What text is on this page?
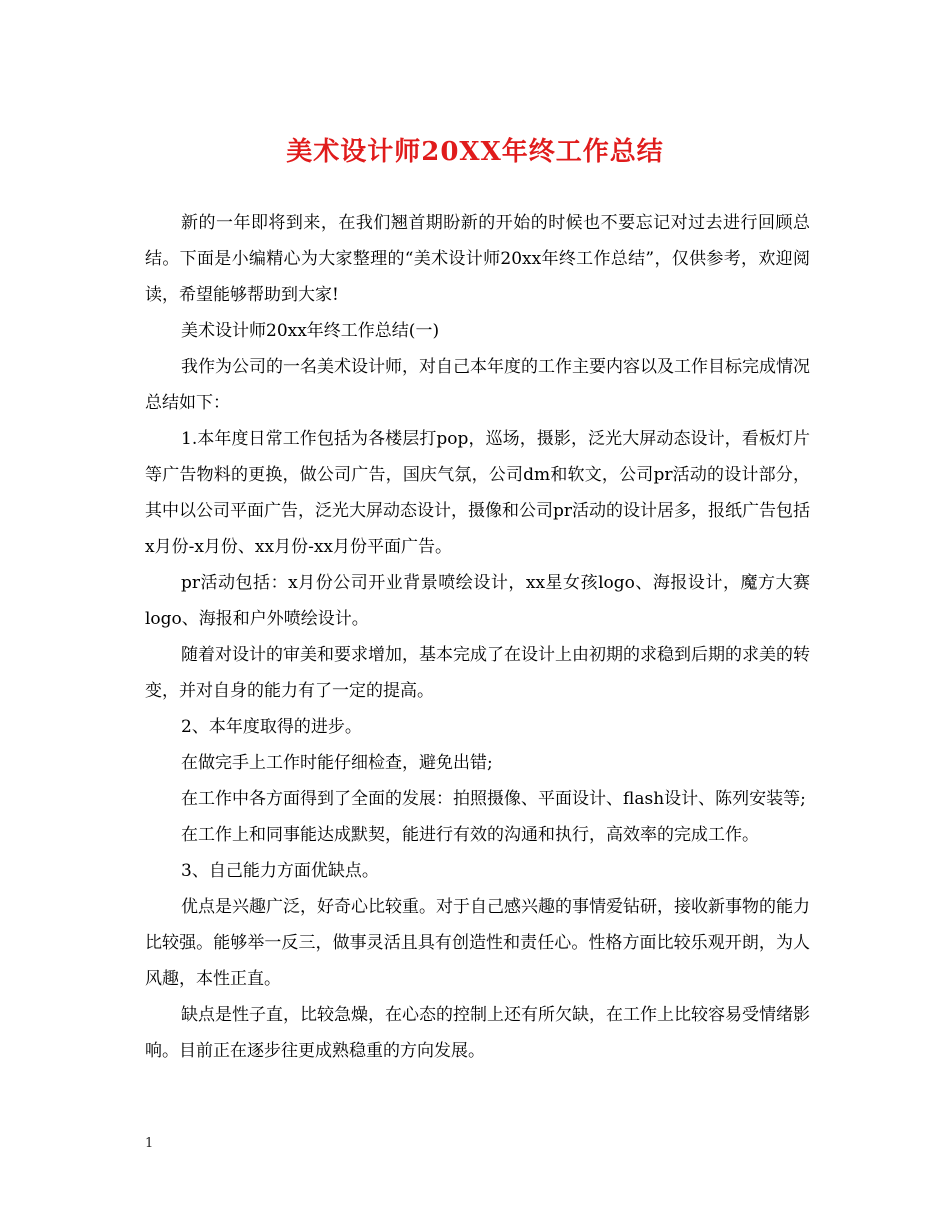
美术设计师20XX年终工作总结

新的一年即将到来，在我们翘首期盼新的开始的时候也不要忘记对过去进行回顾总结。下面是小编精心为大家整理的“美术设计师20xx年终工作总结”，仅供参考，欢迎阅读，希望能够帮助到大家!

美术设计师20xx年终工作总结(一)

我作为公司的一名美术设计师，对自己本年度的工作主要内容以及工作目标完成情况总结如下：

1.本年度日常工作包括为各楼层打pop，巡场，摄影，泛光大屏动态设计，看板灯片等广告物料的更换，做公司广告，国庆气氛，公司dm和软文，公司pr活动的设计部分，其中以公司平面广告，泛光大屏动态设计，摄像和公司pr活动的设计居多，报纸广告包括x月份-x月份、xx月份-xx月份平面广告。

pr活动包括：x月份公司开业背景喷绘设计，xx星女孩logo、海报设计，魔方大赛logo、海报和户外喷绘设计。

随着对设计的审美和要求增加，基本完成了在设计上由初期的求稳到后期的求美的转变，并对自身的能力有了一定的提高。

2、本年度取得的进步。

在做完手上工作时能仔细检查，避免出错;

在工作中各方面得到了全面的发展：拍照摄像、平面设计、flash设计、陈列安装等;

在工作上和同事能达成默契，能进行有效的沟通和执行，高效率的完成工作。

3、自己能力方面优缺点。

优点是兴趣广泛，好奇心比较重。对于自己感兴趣的事情爱钻研，接收新事物的能力比较强。能够举一反三，做事灵活且具有创造性和责任心。性格方面比较乐观开朗，为人风趣，本性正直。

缺点是性子直，比较急燥，在心态的控制上还有所欠缺，在工作上比较容易受情绪影响。目前正在逐步往更成熟稳重的方向发展。

1
